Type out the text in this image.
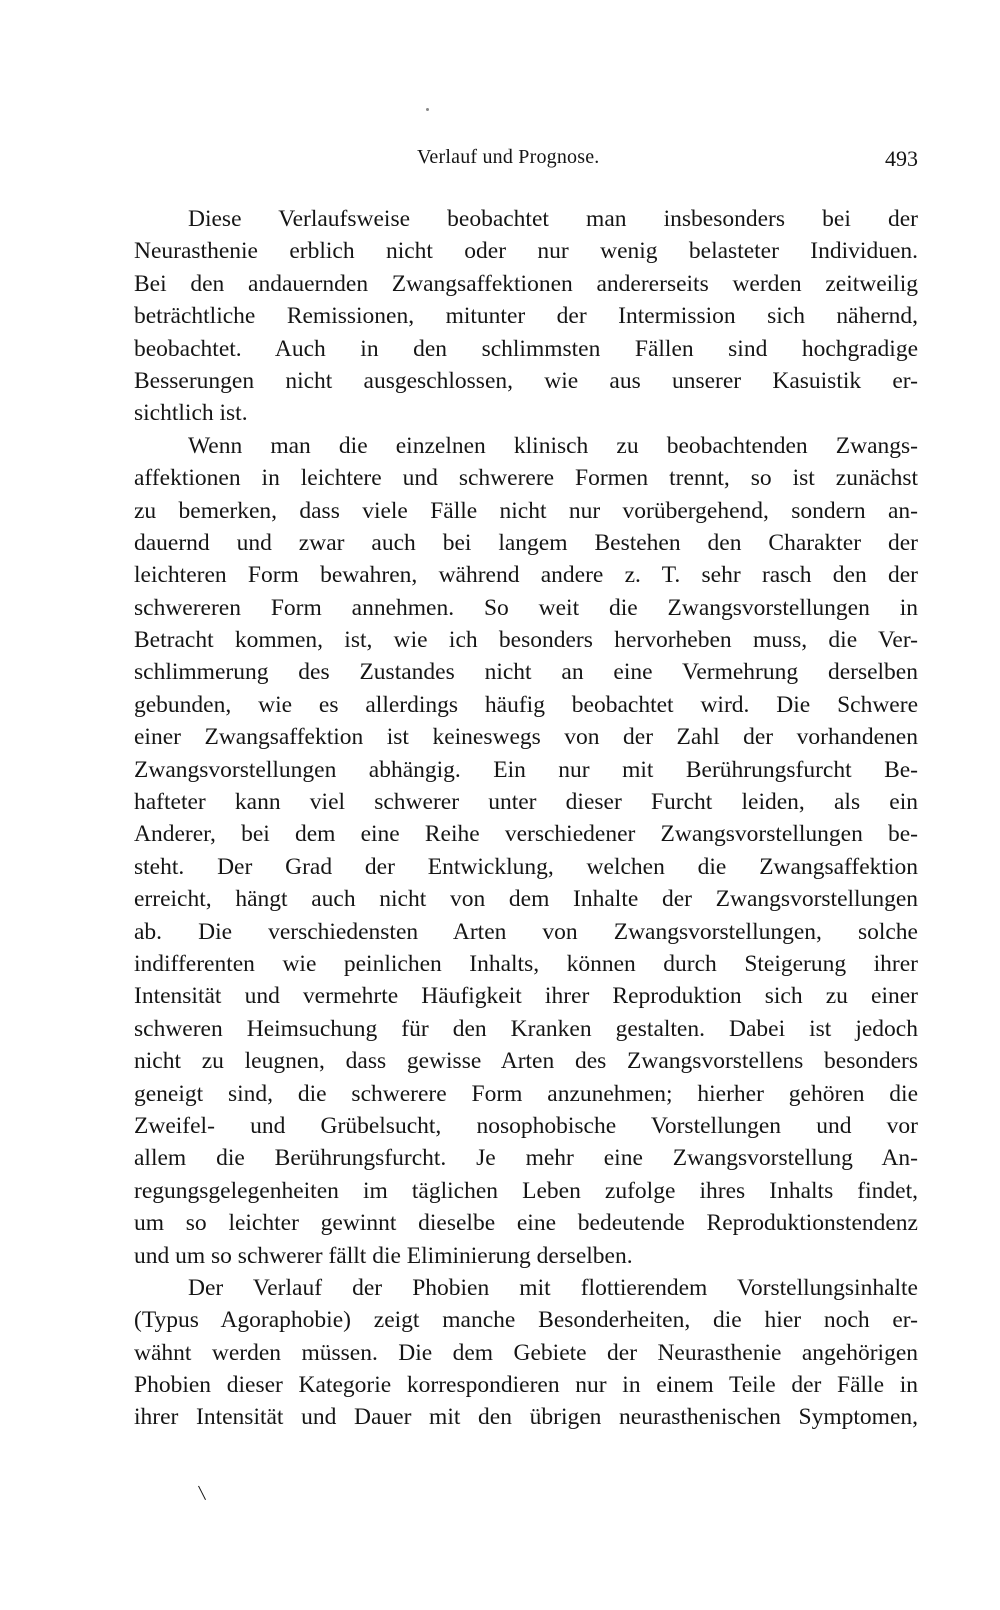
Verlauf und Prognose.	493
Diese Verlaufsweise beobachtet man insbesonders bei der
Neurasthenie erblich nicht oder nur wenig belasteter Individuen.
Bei den andauernden Zwangsaffektionen andererseits werden zeitweilig
beträchtliche Remissionen, mitunter der Intermission sich nähernd,
beobachtet. Auch in den schlimmsten Fällen sind hochgradige
Besserungen nicht ausgeschlossen, wie aus unserer Kasuistik er-
sichtlich ist.
Wenn man die einzelnen klinisch zu beobachtenden Zwangs-
affektionen in leichtere und schwerere Formen trennt, so ist zunächst
zu bemerken, dass viele Fälle nicht nur vorübergehend, sondern an-
dauernd und zwar auch bei langem Bestehen den Charakter der
leichteren Form bewahren, während andere z. T. sehr rasch den der
schwereren Form annehmen. So weit die Zwangsvorstellungen in
Betracht kommen, ist, wie ich besonders hervorheben muss, die Ver-
schlimmerung des Zustandes nicht an eine Vermehrung derselben
gebunden, wie es allerdings häufig beobachtet wird. Die Schwere
einer Zwangsaffektion ist keineswegs von der Zahl der vorhandenen
Zwangsvorstellungen abhängig. Ein nur mit Berührungsfurcht Be-
hafteter kann viel schwerer unter dieser Furcht leiden, als ein
Anderer, bei dem eine Reihe verschiedener Zwangsvorstellungen be-
steht. Der Grad der Entwicklung, welchen die Zwangsaffektion
erreicht, hängt auch nicht von dem Inhalte der Zwangsvorstellungen
ab. Die verschiedensten Arten von Zwangsvorstellungen, solche
indifferenten wie peinlichen Inhalts, können durch Steigerung ihrer
Intensität und vermehrte Häufigkeit ihrer Reproduktion sich zu einer
schweren Heimsuchung für den Kranken gestalten. Dabei ist jedoch
nicht zu leugnen, dass gewisse Arten des Zwangsvorstellens besonders
geneigt sind, die schwerere Form anzunehmen; hierher gehören die
Zweifel- und Grübelsucht, nosophobische Vorstellungen und vor
allem die Berührungsfurcht. Je mehr eine Zwangsvorstellung An-
regungsgelegenheiten im täglichen Leben zufolge ihres Inhalts findet,
um so leichter gewinnt dieselbe eine bedeutende Reproduktionstendenz
und um so schwerer fällt die Eliminierung derselben.
Der Verlauf der Phobien mit flottierendem Vorstellungsinhalte
(Typus Agoraphobie) zeigt manche Besonderheiten, die hier noch er-
wähnt werden müssen. Die dem Gebiete der Neurasthenie angehörigen
Phobien dieser Kategorie korrespondieren nur in einem Teile der Fälle in
ihrer Intensität und Dauer mit den übrigen neurasthenischen Symptomen,
\
